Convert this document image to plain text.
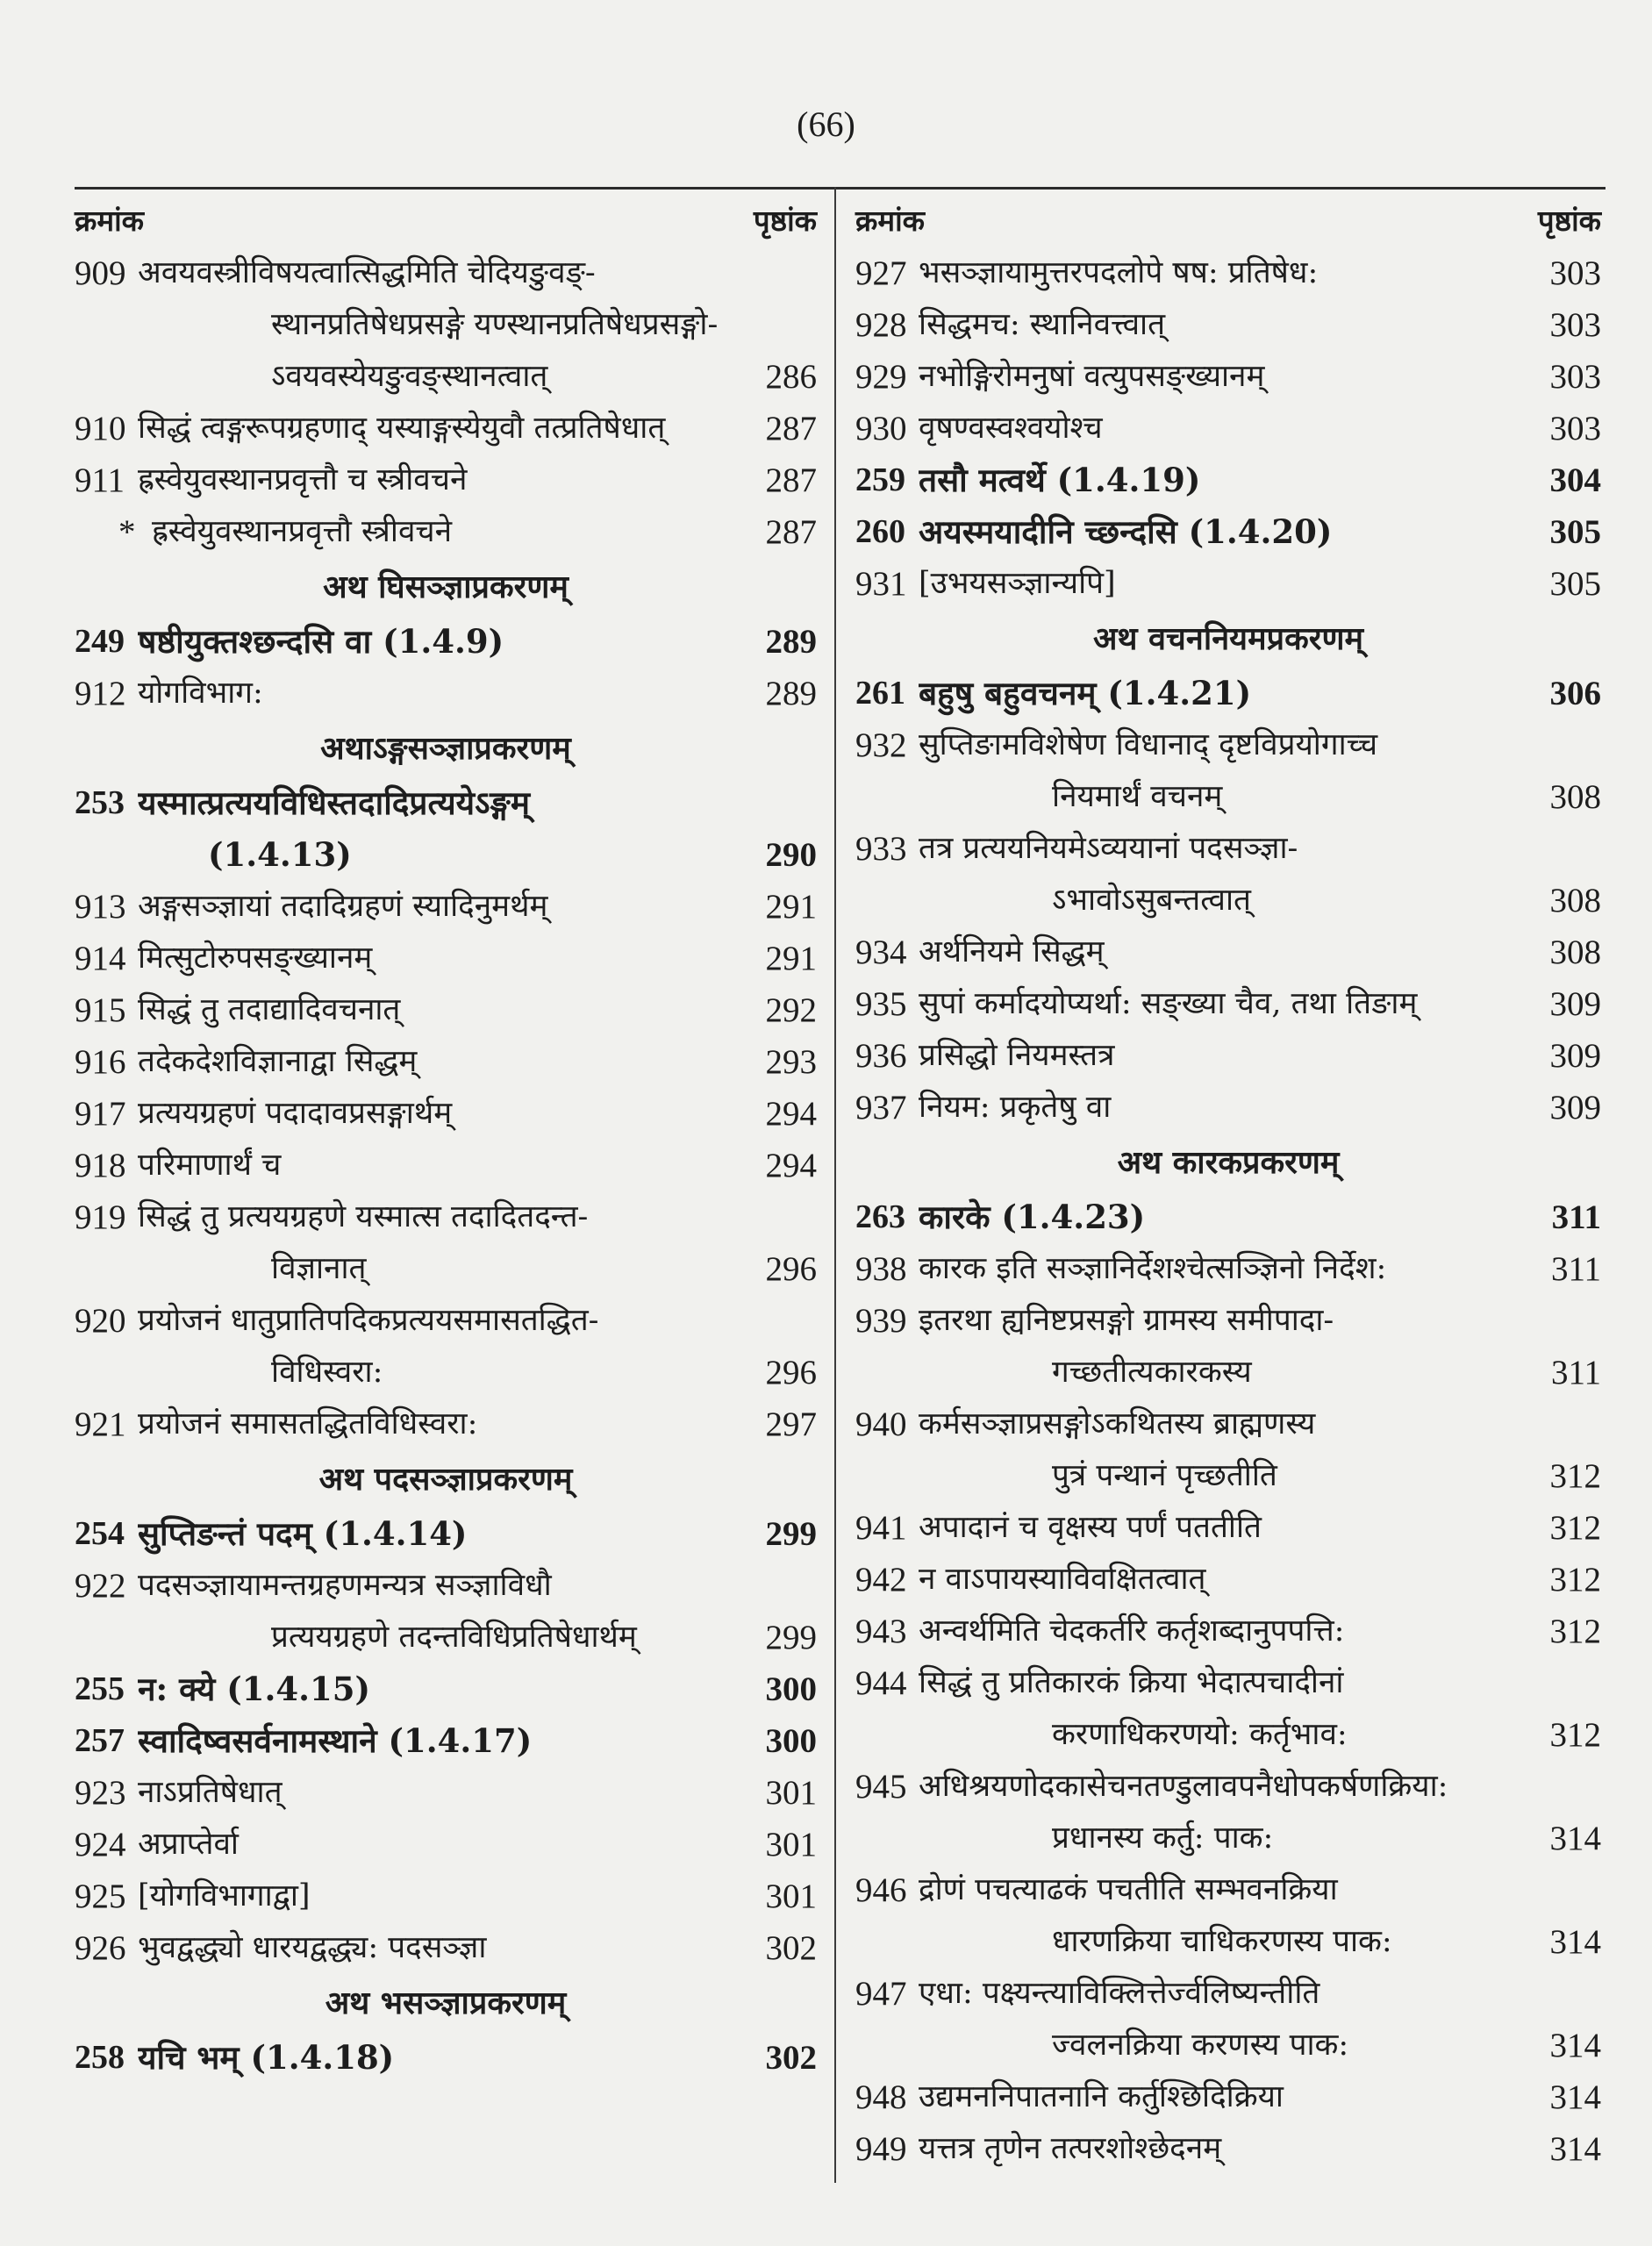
(66)
क्रमांक	पृष्ठांक
909 अवयवस्त्रीविषयत्वात्सिद्धमिति चेदियङुवङ्-
स्थानप्रतिषेधप्रसङ्गे यण्स्थानप्रतिषेधप्रसङ्गो-
ऽवयवस्येयङुवङ्स्थानत्वात्	286
910 सिद्धं त्वङ्गरूपग्रहणाद् यस्याङ्गस्येयुवौ तत्प्रतिषेधात्	287
911 ह्रस्वेयुवस्थानप्रवृत्तौ च स्त्रीवचने	287
* ह्रस्वेयुवस्थानप्रवृत्तौ स्त्रीवचने	287
अथ घिसञ्ज्ञाप्रकरणम्
249 षष्ठीयुक्तश्छन्दसि वा (1.4.9)	289
912 योगविभाग:	289
अथाऽङ्गसञ्ज्ञाप्रकरणम्
253 यस्मात्प्रत्ययविधिस्तदादिप्रत्ययेऽङ्गम्
(1.4.13)	290
913 अङ्गसञ्ज्ञायां तदादिग्रहणं स्यादिनुमर्थम्	291
914 मित्सुटोरुपसङ्ख्यानम्	291
915 सिद्धं तु तदाद्यादिवचनात्	292
916 तदेकदेशविज्ञानाद्वा सिद्धम्	293
917 प्रत्ययग्रहणं पदादावप्रसङ्गार्थम्	294
918 परिमाणार्थं च	294
919 सिद्धं तु प्रत्ययग्रहणे यस्मात्स तदादितदन्त-
विज्ञानात्	296
920 प्रयोजनं धातुप्रातिपदिकप्रत्ययसमासतद्धित-
विधिस्वरा:	296
921 प्रयोजनं समासतद्धितविधिस्वरा:	297
अथ पदसञ्ज्ञाप्रकरणम्
254 सुप्तिङन्तं पदम् (1.4.14)	299
922 पदसञ्ज्ञायामन्तग्रहणमन्यत्र सञ्ज्ञाविधौ
प्रत्ययग्रहणे तदन्तविधिप्रतिषेधार्थम्	299
255 न: क्ये (1.4.15)	300
257 स्वादिष्वसर्वनामस्थाने (1.4.17)	300
923 नाऽप्रतिषेधात्	301
924 अप्राप्तेर्वा	301
925 [योगविभागाद्वा]	301
926 भुवद्वद्ध्यो धारयद्वद्ध्य: पदसञ्ज्ञा	302
अथ भसञ्ज्ञाप्रकरणम्
258 यचि भम् (1.4.18)	302
क्रमांक	पृष्ठांक
927 भसञ्ज्ञायामुत्तरपदलोपे षष: प्रतिषेध:	303
928 सिद्धमच: स्थानिवत्त्वात्	303
929 नभोङ्गिरोमनुषां वत्युपसङ्ख्यानम्	303
930 वृषण्वस्वश्वयोश्च	303
259 तसौ मत्वर्थे (1.4.19)	304
260 अयस्मयादीनि च्छन्दसि (1.4.20)	305
931 [उभयसञ्ज्ञान्यपि]	305
अथ वचननियमप्रकरणम्
261 बहुषु बहुवचनम् (1.4.21)	306
932 सुप्तिङामविशेषेण विधानाद् दृष्टविप्रयोगाच्च
नियमार्थं वचनम्	308
933 तत्र प्रत्ययनियमेऽव्ययानां पदसञ्ज्ञा-
ऽभावोऽसुबन्तत्वात्	308
934 अर्थनियमे सिद्धम्	308
935 सुपां कर्मादयोप्यर्था: सङ्ख्या चैव, तथा तिङाम्	309
936 प्रसिद्धो नियमस्तत्र	309
937 नियम: प्रकृतेषु वा	309
अथ कारकप्रकरणम्
263 कारके (1.4.23)	311
938 कारक इति सञ्ज्ञानिर्देशश्चेत्सञ्ज्ञिनो निर्देश:	311
939 इतरथा ह्यनिष्टप्रसङ्गो ग्रामस्य समीपादा-
गच्छतीत्यकारकस्य	311
940 कर्मसञ्ज्ञाप्रसङ्गोऽकथितस्य ब्राह्मणस्य
पुत्रं पन्थानं पृच्छतीति	312
941 अपादानं च वृक्षस्य पर्णं पततीति	312
942 न वाऽपायस्याविवक्षितत्वात्	312
943 अन्वर्थमिति चेदकर्तरि कर्तृशब्दानुपपत्ति:	312
944 सिद्धं तु प्रतिकारकं क्रिया भेदात्पचादीनां
करणाधिकरणयो: कर्तृभाव:	312
945 अधिश्रयणोदकासेचनतण्डुलावपनैधोपकर्षणक्रिया:
प्रधानस्य कर्तु: पाक:	314
946 द्रोणं पचत्याढकं पचतीति सम्भवनक्रिया
धारणक्रिया चाधिकरणस्य पाक:	314
947 एधा: पक्ष्यन्त्याविक्लित्तेर्ज्वलिष्यन्तीति
ज्वलनक्रिया करणस्य पाक:	314
948 उद्यमननिपातनानि कर्तुश्छिदिक्रिया	314
949 यत्तत्र तृणेन तत्परशोश्छेदनम्	314
